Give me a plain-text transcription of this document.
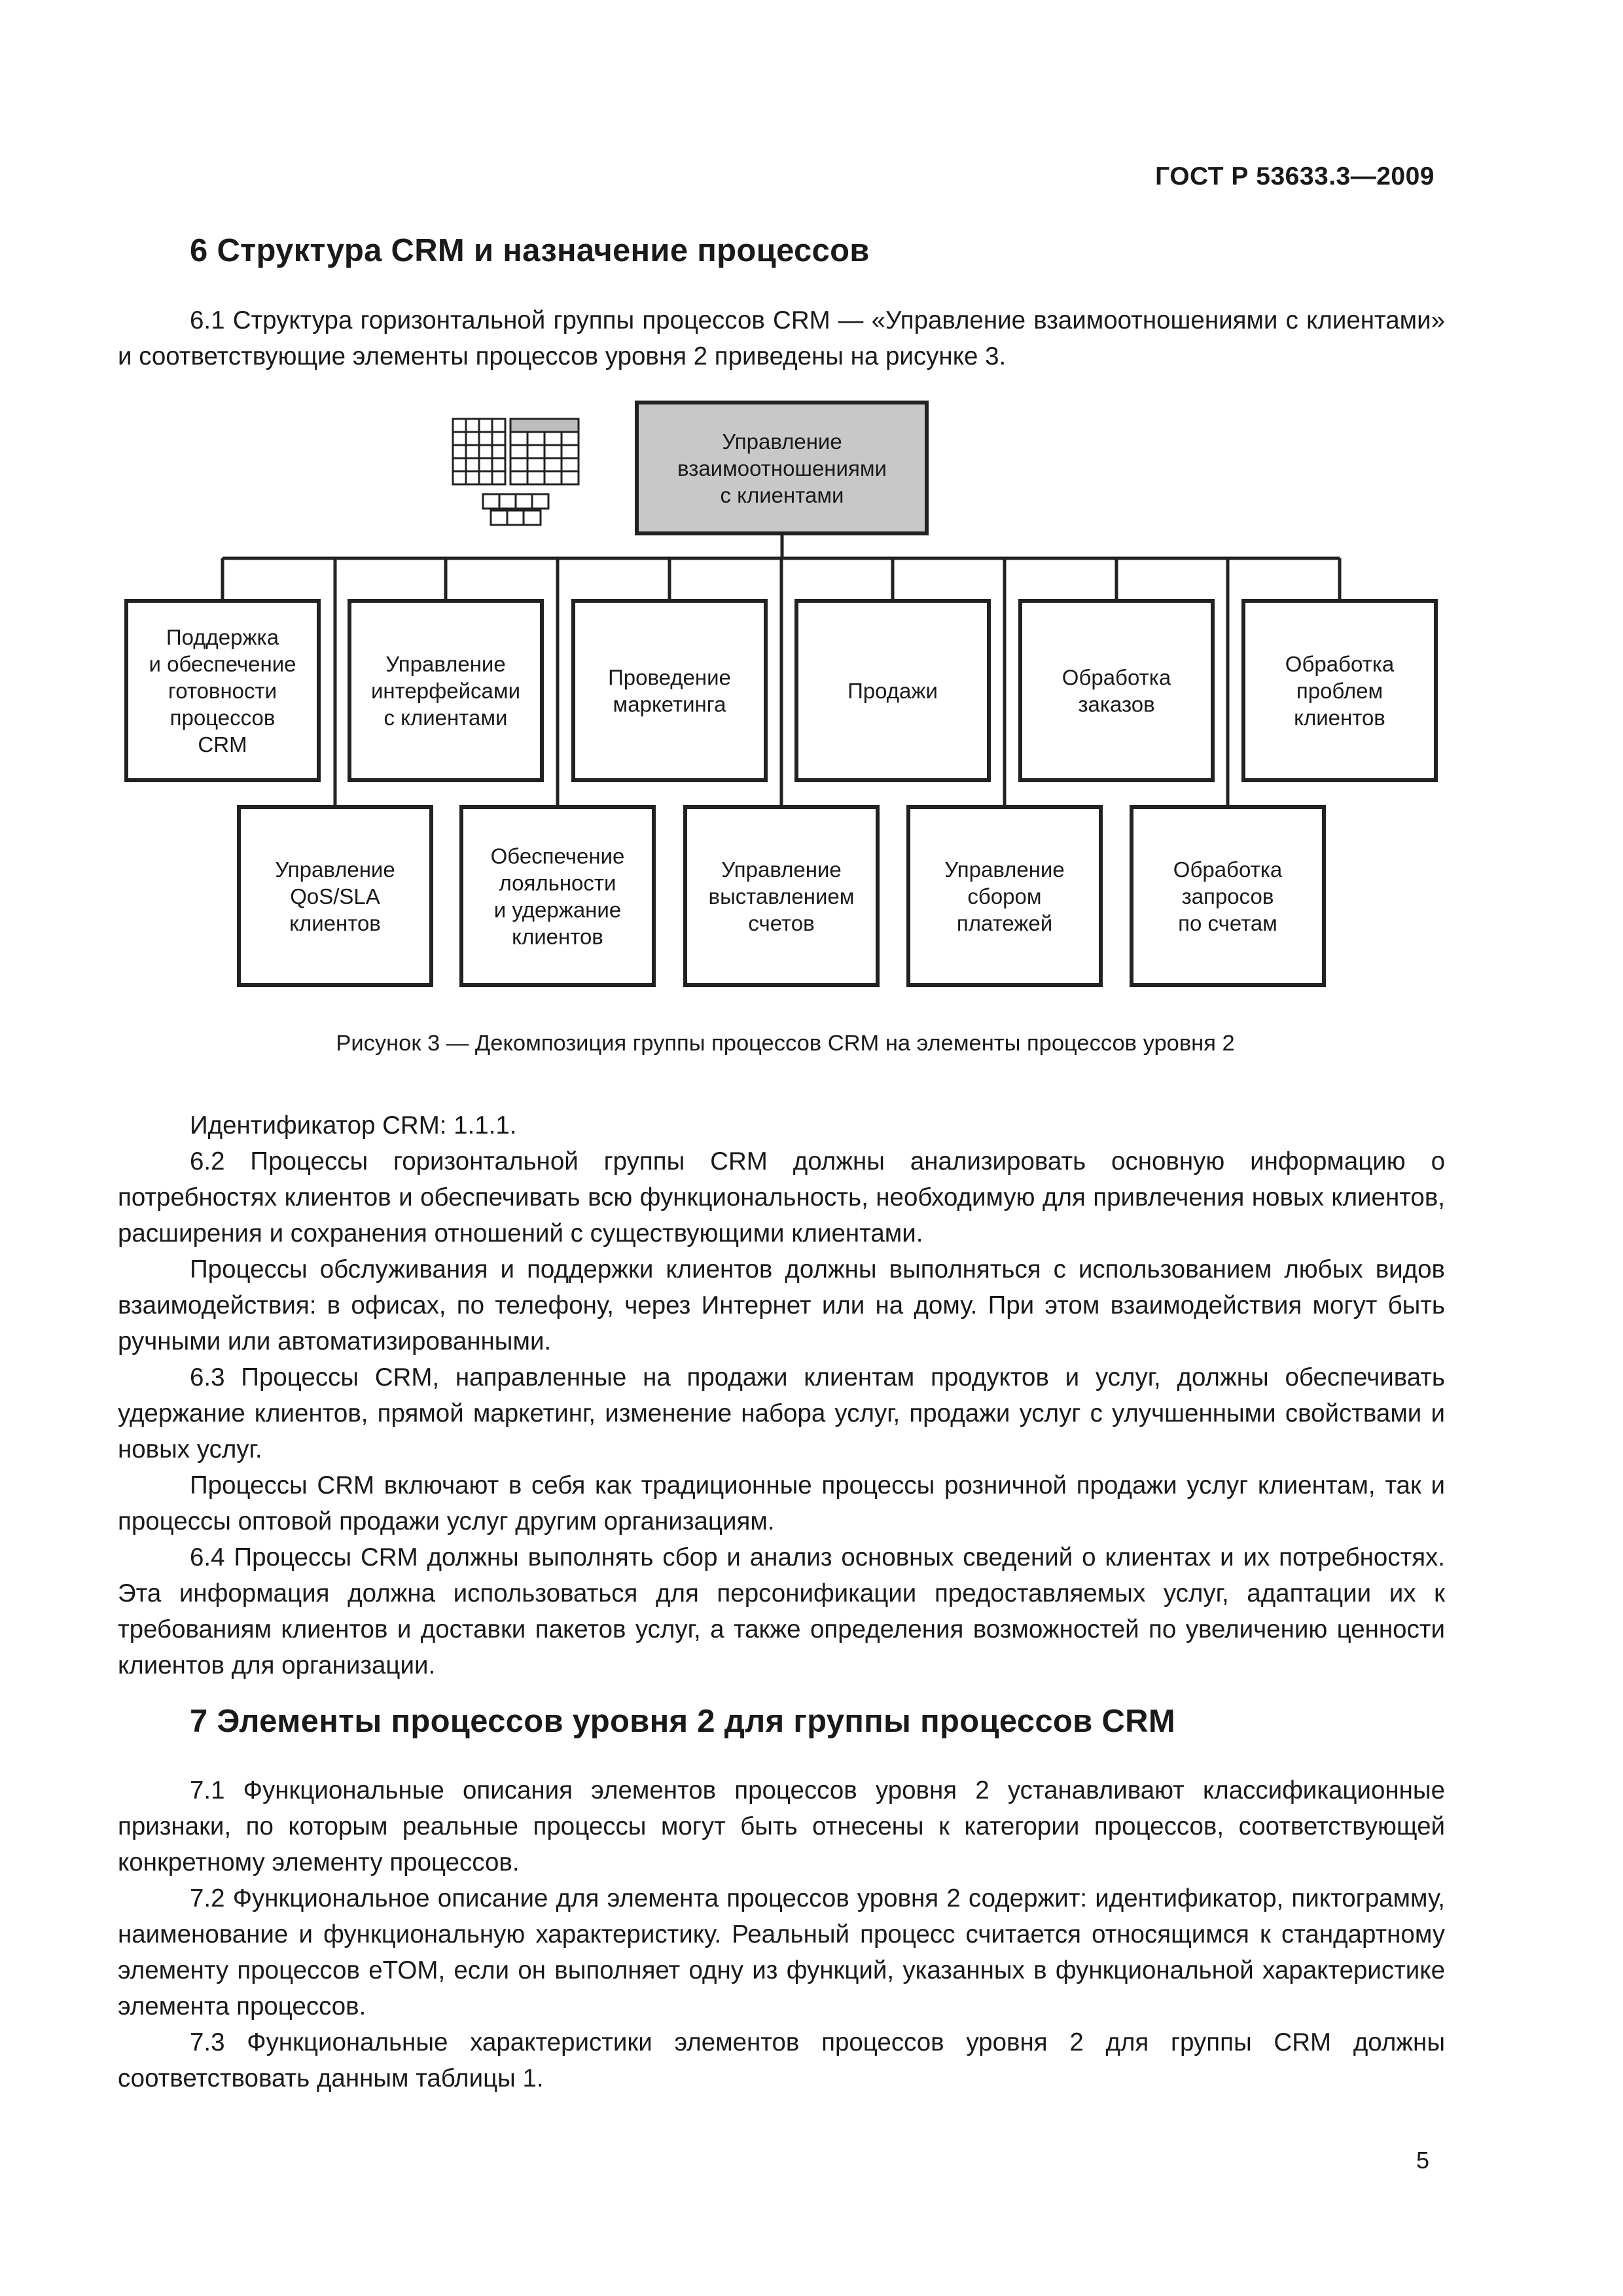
ГОСТ Р 53633.3—2009
6 Структура CRM и назначение процессов

6.1 Структура горизонтальной группы процессов CRM — «Управление взаимоотношениями с клиентами» и соответствующие элементы процессов уровня 2 приведены на рисунке 3.

Управление
взаимоотношениями
с клиентами
Поддержка
и обеспечение
готовности
процессов
CRM
Управление
интерфейсами
с клиентами
Проведение
маркетинга
Продажи
Обработка
заказов
Обработка
проблем
клиентов
Управление
QoS/SLA
клиентов
Обеспечение
лояльности
и удержание
клиентов
Управление
выставлением
счетов
Управление
сбором
платежей
Обработка
запросов
по счетам
Рисунок 3 — Декомпозиция группы процессов CRM на элементы процессов уровня 2

Идентификатор CRM: 1.1.1.

6.2 Процессы горизонтальной группы CRM должны анализировать основную информацию о потребностях клиентов и обеспечивать всю функциональность, необходимую для привлечения новых клиентов, расширения и сохранения отношений с существующими клиентами.

Процессы обслуживания и поддержки клиентов должны выполняться с использованием любых видов взаимодействия: в офисах, по телефону, через Интернет или на дому. При этом взаимодействия могут быть ручными или автоматизированными.

6.3 Процессы CRM, направленные на продажи клиентам продуктов и услуг, должны обеспечивать удержание клиентов, прямой маркетинг, изменение набора услуг, продажи услуг с улучшенными свойствами и новых услуг.

Процессы CRM включают в себя как традиционные процессы розничной продажи услуг клиентам, так и процессы оптовой продажи услуг другим организациям.

6.4 Процессы CRM должны выполнять сбор и анализ основных сведений о клиентах и их потребностях. Эта информация должна использоваться для персонификации предоставляемых услуг, адаптации их к требованиям клиентов и доставки пакетов услуг, а также определения возможностей по увеличению ценности клиентов для организации.

7 Элементы процессов уровня 2 для группы процессов CRM

7.1 Функциональные описания элементов процессов уровня 2 устанавливают классификационные признаки, по которым реальные процессы могут быть отнесены к категории процессов, соответствующей конкретному элементу процессов.

7.2 Функциональное описание для элемента процессов уровня 2 содержит: идентификатор, пиктограмму, наименование и функциональную характеристику. Реальный процесс считается относящимся к стандартному элементу процессов eTOM, если он выполняет одну из функций, указанных в функциональной характеристике элемента процессов.

7.3 Функциональные характеристики элементов процессов уровня 2 для группы CRM должны соответствовать данным таблицы 1.

5
